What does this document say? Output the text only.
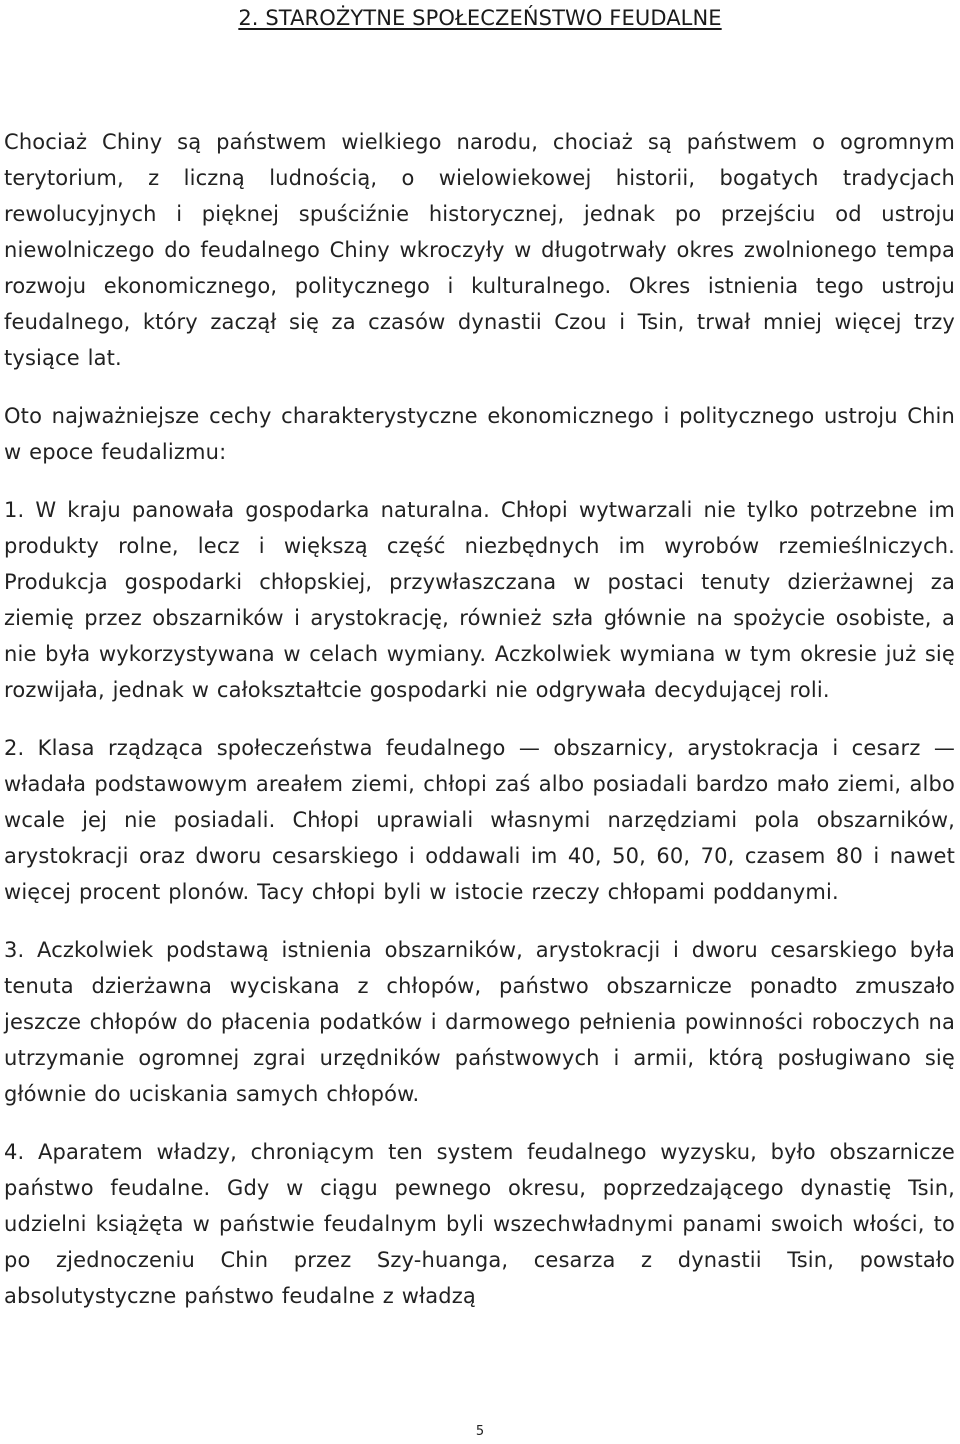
2. STAROŻYTNE SPOŁECZEŃSTWO FEUDALNE

Chociaż Chiny są państwem wielkiego narodu, chociaż są państwem o ogromnym terytorium, z liczną ludnością, o wielowiekowej historii, bogatych tradycjach rewolucyjnych i pięknej spuściźnie historycznej, jednak po przejściu od ustroju niewolniczego do feudalnego Chiny wkroczyły w długotrwały okres zwolnionego tempa rozwoju ekonomicznego, politycznego i kulturalnego. Okres istnienia tego ustroju feudalnego, który zaczął się za czasów dynastii Czou i Tsin, trwał mniej więcej trzy tysiące lat.

Oto najważniejsze cechy charakterystyczne ekonomicznego i politycznego ustroju Chin w epoce feudalizmu:

1. W kraju panowała gospodarka naturalna. Chłopi wytwarzali nie tylko potrzebne im produkty rolne, lecz i większą część niezbędnych im wyrobów rzemieślniczych. Produkcja gospodarki chłopskiej, przywłaszczana w postaci tenuty dzierżawnej za ziemię przez obszarników i arystokrację, również szła głównie na spożycie osobiste, a nie była wykorzystywana w celach wymiany. Aczkolwiek wymiana w tym okresie już się rozwijała, jednak w całokształtcie gospodarki nie odgrywała decydującej roli.

2. Klasa rządząca społeczeństwa feudalnego — obszarnicy, arystokracja i cesarz — władała podstawowym areałem ziemi, chłopi zaś albo posiadali bardzo mało ziemi, albo wcale jej nie posiadali. Chłopi uprawiali własnymi narzędziami pola obszarników, arystokracji oraz dworu cesarskiego i oddawali im 40, 50, 60, 70, czasem 80 i nawet więcej procent plonów. Tacy chłopi byli w istocie rzeczy chłopami poddanymi.

3. Aczkolwiek podstawą istnienia obszarników, arystokracji i dworu cesarskiego była tenuta dzierżawna wyciskana z chłopów, państwo obszarnicze ponadto zmuszało jeszcze chłopów do płacenia podatków i darmowego pełnienia powinności roboczych na utrzymanie ogromnej zgrai urzędników państwowych i armii, którą posługiwano się głównie do uciskania samych chłopów.

4. Aparatem władzy, chroniącym ten system feudalnego wyzysku, było obszarnicze państwo feudalne. Gdy w ciągu pewnego okresu, poprzedzającego dynastię Tsin, udzielni książęta w państwie feudalnym byli wszechwładnymi panami swoich włości, to po zjednoczeniu Chin przez Szy-huanga, cesarza z dynastii Tsin, powstało absolutystyczne państwo feudalne z władzą

5
